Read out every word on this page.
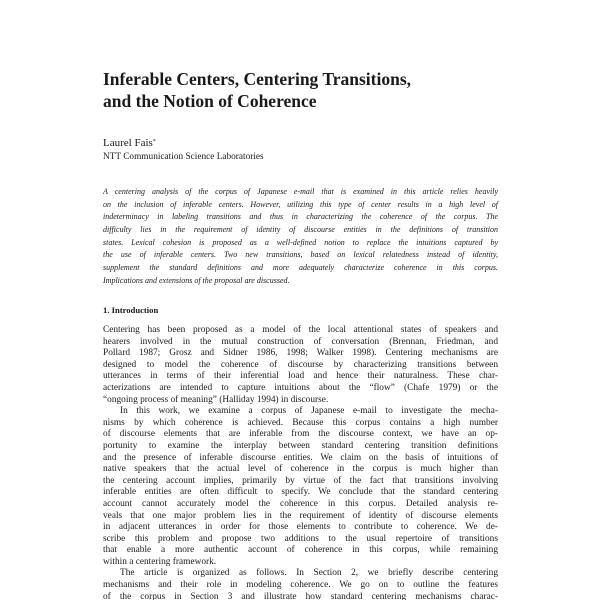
Inferable Centers, Centering Transitions,
and the Notion of Coherence
Laurel Fais*
NTT Communication Science Laboratories
A centering analysis of the corpus of Japanese e-mail that is examined in this article relies heavily
on the inclusion of inferable centers. However, utilizing this type of center results in a high level of
indeterminacy in labeling transitions and thus in characterizing the coherence of the corpus. The
difficulty lies in the requirement of identity of discourse entities in the definitions of transition
states. Lexical cohesion is proposed as a well-defined notion to replace the intuitions captured by
the use of inferable centers. Two new transitions, based on lexical relatedness instead of identity,
supplement the standard definitions and more adequately characterize coherence in this corpus.
Implications and extensions of the proposal are discussed.
1. Introduction

Centering has been proposed as a model of the local attentional states of speakers and
hearers involved in the mutual construction of conversation (Brennan, Friedman, and
Pollard 1987; Grosz and Sidner 1986, 1998; Walker 1998). Centering mechanisms are
designed to model the coherence of discourse by characterizing transitions between
utterances in terms of their inferential load and hence their naturalness. These char-
acterizations are intended to capture intuitions about the “flow” (Chafe 1979) or the
“ongoing process of meaning” (Halliday 1994) in discourse.

In this work, we examine a corpus of Japanese e-mail to investigate the mecha-
nisms by which coherence is achieved. Because this corpus contains a high number
of discourse elements that are inferable from the discourse context, we have an op-
portunity to examine the interplay between standard centering transition definitions
and the presence of inferable discourse entities. We claim on the basis of intuitions of
native speakers that the actual level of coherence in the corpus is much higher than
the centering account implies, primarily by virtue of the fact that transitions involving
inferable entities are often difficult to specify. We conclude that the standard centering
account cannot accurately model the coherence in this corpus. Detailed analysis re-
veals that one major problem lies in the requirement of identity of discourse elements
in adjacent utterances in order for those elements to contribute to coherence. We de-
scribe this problem and propose two additions to the usual repertoire of transitions
that enable a more authentic account of coherence in this corpus, while remaining
within a centering framework.

The article is organized as follows. In Section 2, we briefly describe centering
mechanisms and their role in modeling coherence. We go on to outline the features
of the corpus in Section 3 and illustrate how standard centering mechanisms charac-
